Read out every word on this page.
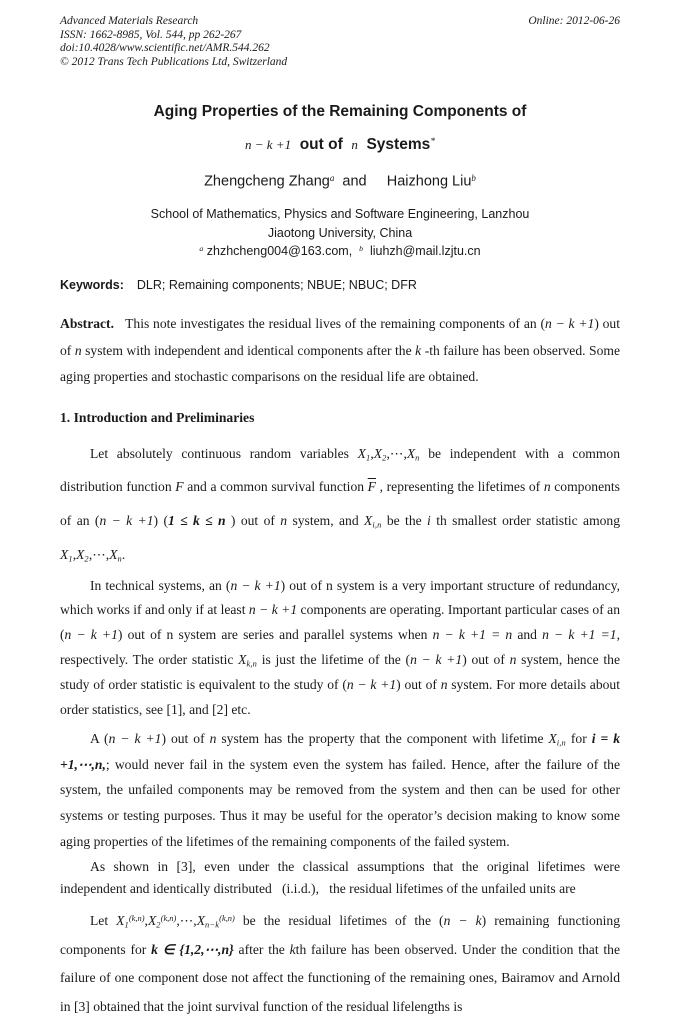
Advanced Materials Research
ISSN: 1662-8985, Vol. 544, pp 262-267
doi:10.4028/www.scientific.net/AMR.544.262
© 2012 Trans Tech Publications Ltd, Switzerland
Online: 2012-06-26
Aging Properties of the Remaining Components of
n − k +1  out of  n  Systems*
Zhengcheng Zhang$^a$  and     Haizhong Liu$^b$
School of Mathematics, Physics and Software Engineering, Lanzhou
Jiaotong University, China
$^a$ zhzhcheng004@163.com,  $^b$  liuhzh@mail.lzjtu.cn
Keywords: DLR; Remaining components; NBUE; NBUC; DFR

Abstract.   This note investigates the residual lives of the remaining components of an (n − k +1) out of n system with independent and identical components after the k -th failure has been observed. Some aging properties and stochastic comparisons on the residual life are obtained.

1. Introduction and Preliminaries

Let absolutely continuous random variables X1,X2,⋯,Xn be independent with a common distribution function F and a common survival function $\overline{F}$ , representing the lifetimes of n components of an (n − k +1) (1 ≤ k ≤ n ) out of n system, and Xi,n be the i th smallest order statistic among X1,X2,⋯,Xn.

In technical systems, an (n − k +1) out of n system is a very important structure of redundancy, which works if and only if at least n − k +1 components are operating. Important particular cases of an (n − k +1) out of n system are series and parallel systems when n − k +1 = n and n − k +1 =1, respectively. The order statistic Xk,n is just the lifetime of the (n − k +1) out of n system, hence the study of order statistic is equivalent to the study of (n − k +1) out of n system. For more details about order statistics, see [1], and [2] etc.

A (n − k +1) out of n system has the property that the component with lifetime Xi,n for i = k +1,⋯,n,; would never fail in the system even the system has failed. Hence, after the failure of the system, the unfailed components may be removed from the system and then can be used for other systems or testing purposes. Thus it may be useful for the operator’s decision making to know some aging properties of the lifetimes of the remaining components of the failed system.

As shown in [3], even under the classical assumptions that the original lifetimes were independent and identically distributed   (i.i.d.),   the residual lifetimes of the unfailed units are

Let $X1^{(k,n)},X2^{(k,n)},\cdots,Xn-k^{(k,n)}$ be the residual lifetimes of the (n − k) remaining functioning components for k ∈ {1,2,⋯,n} after the kth failure has been observed. Under the condition that the failure of one component dose not affect the functioning of the remaining ones, Bairamov and Arnold in [3] obtained that the joint survival function of the residual lifelengths is
